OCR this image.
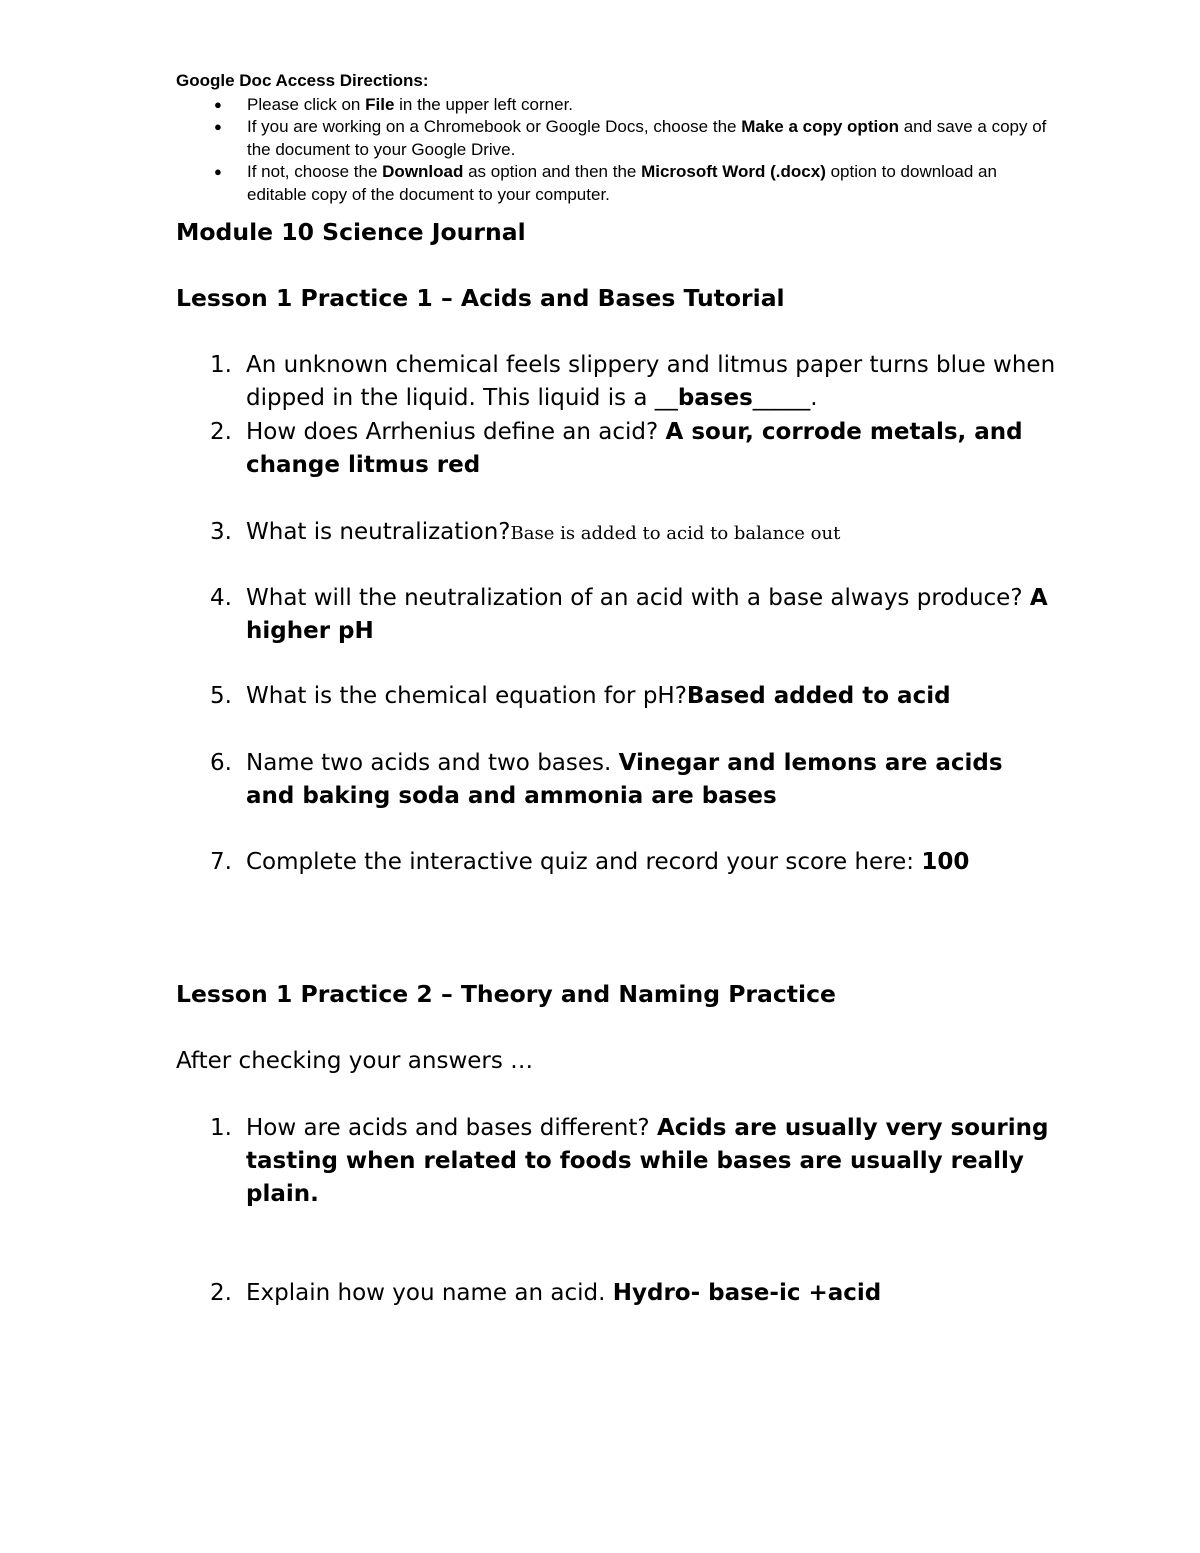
Google Doc Access Directions:
● Please click on File in the upper left corner.
● If you are working on a Chromebook or Google Docs, choose the Make a copy option and save a copy of the document to your Google Drive.
● If not, choose the Download as option and then the Microsoft Word (.docx) option to download an editable copy of the document to your computer.
Module 10 Science Journal
Lesson 1 Practice 1 – Acids and Bases Tutorial
1. An unknown chemical feels slippery and litmus paper turns blue when dipped in the liquid. This liquid is a __bases_____.
2. How does Arrhenius define an acid? A sour, corrode metals, and change litmus red
3. What is neutralization?Base is added to acid to balance out
4. What will the neutralization of an acid with a base always produce? A higher pH
5. What is the chemical equation for pH?Based added to acid
6. Name two acids and two bases. Vinegar and lemons are acids and baking soda and ammonia are bases
7. Complete the interactive quiz and record your score here: 100
Lesson 1 Practice 2 – Theory and Naming Practice
After checking your answers …
1. How are acids and bases different? Acids are usually very souring tasting when related to foods while bases are usually really plain.
2. Explain how you name an acid. Hydro- base-ic +acid
